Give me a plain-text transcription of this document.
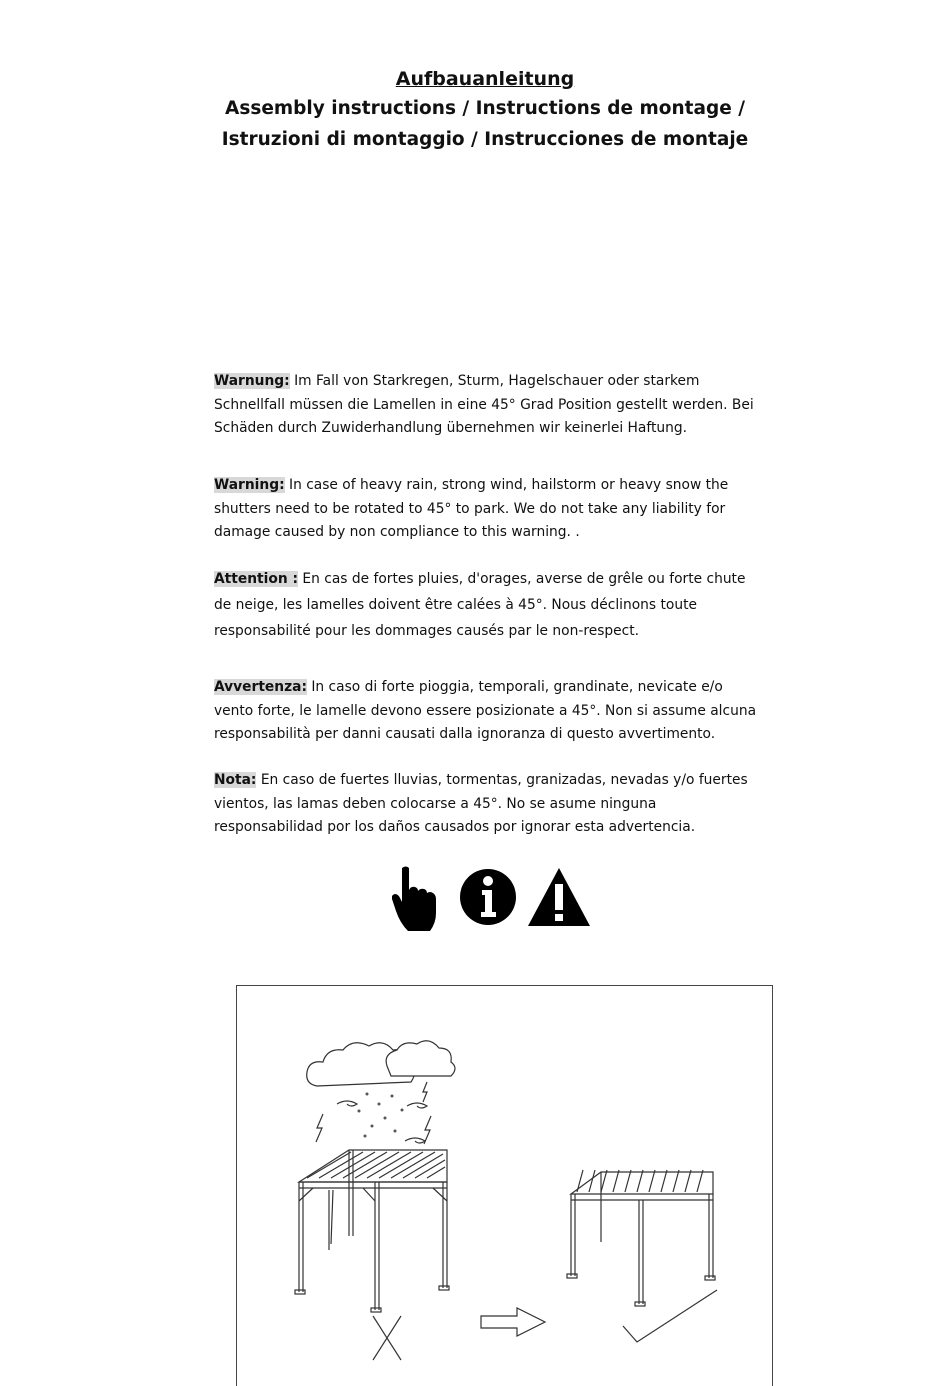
Aufbauanleitung
Assembly instructions / Instructions de montage /
Istruzioni di montaggio / Instrucciones de montaje

Warnung: Im Fall von Starkregen, Sturm, Hagelschauer oder starkem Schnellfall müssen die Lamellen in eine 45° Grad Position gestellt werden. Bei Schäden durch Zuwiderhandlung übernehmen wir keinerlei Haftung.

Warning: In case of heavy rain, strong wind, hailstorm or heavy snow the shutters need to be rotated to 45° to park. We do not take any liability for damage caused by non compliance to this warning. .

Attention : En cas de fortes pluies, d'orages, averse de grêle ou forte chute de neige, les lamelles doivent être calées à 45°. Nous déclinons toute responsabilité pour les dommages causés par le non-respect.

Avvertenza: In caso di forte pioggia, temporali, grandinate, nevicate e/o vento forte, le lamelle devono essere posizionate a 45°. Non si assume alcuna responsabilità per danni causati dalla ignoranza di questo avvertimento.

Nota: En caso de fuertes lluvias, tormentas, granizadas, nevadas y/o fuertes vientos, las lamas deben colocarse a 45°. No se asume ninguna responsabilidad por los daños causados por ignorar esta advertencia.
